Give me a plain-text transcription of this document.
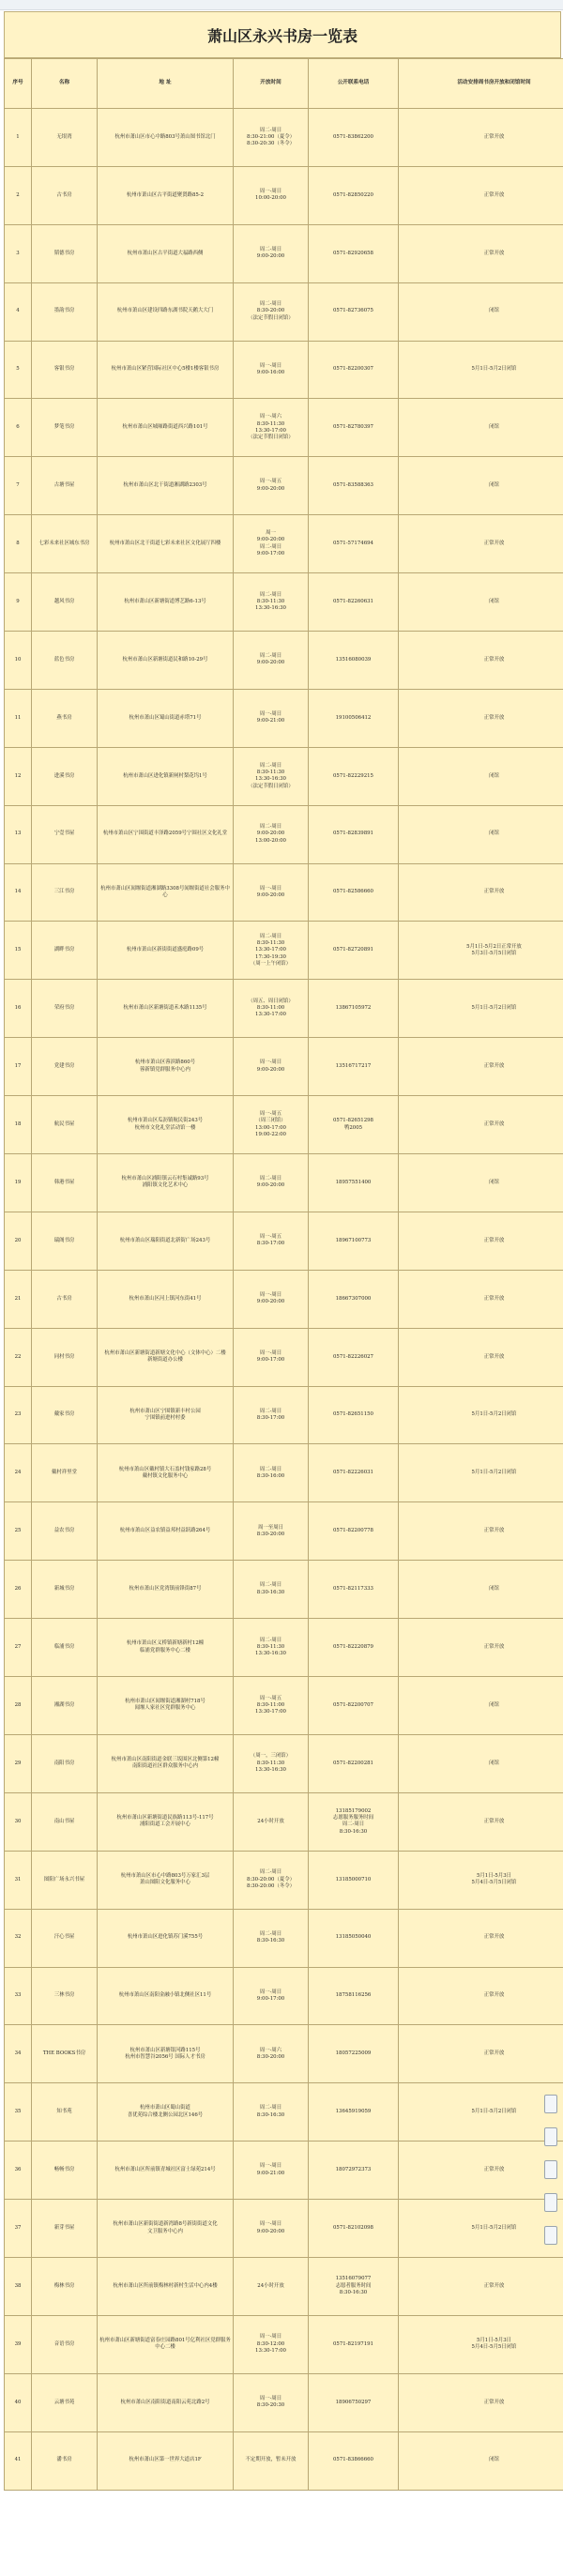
萧山区永兴书房一览表
序号	名称	地 址	开放时间	公开联系电话	活动安排周书房开放和闭馆时间
1	无垠湾	杭州市萧山区市心中路803号萧山图书馆北门	周二-周日
8:30-21:00（夏令）
8:30-20:30（冬令）	0571-83862200	正常开放
2	古书房	杭州市萧山区古平街道聚贤路85-2	周一-周日
10:00-20:00	0571-82850220	正常开放
3	韬德书房	杭州市萧山区古平街道大福路西侧	周二-周日
9:00-20:00	0571-82920658	正常开放
4	墨韵书房	杭州市萧山区建设四路东湖书院天鹅大大门	周二-周日
8:30-20:00
（法定节假日闭馆）	0571-82736075	闭馆
5	客银书房	杭州市萧山区紧营国际社区中心5楼1楼客银书房	周一-周日
9:00-16:00	0571-82200307	5月1日-5月2日闭馆
6	梦笔书房	杭州市萧山区城厢路街道西兴路101号	周一-周六
8:30-11:30
13:30-17:00
（法定节假日闭馆）	0571-82780397	闭馆
7	古塘书屋	杭州市萧山区北干街道湘湖路2303号	周一-周五
9:00-20:00	0571-83588363	闭馆
8	七彩未来社区城东书房	杭州市萧山区北干街道七彩未来社区文化展厅四楼	周一
9:00-20:00
周二-周日
9:00-17:00	0571-57174694	正常开放
9	越风书房	杭州市萧山区新塘街道博艺路6-13号	周二-周日
8:30-11:30
13:30-16:30	0571-82260631	闭馆
10	蓝色书房	杭州市萧山区新塘街道民和路10-29号	周二-周日
9:00-20:00	13516080039	正常开放
11	燕书房	杭州市萧山区蜀山街道赤塔71号	周一-周日
9:00-21:00	19100506412	正常开放
12	进溪书房	杭州市萧山区进化镇新闸村梨花坞1号	周二-周日
8:30-11:30
13:30-16:30
（法定节假日闭馆）	0571-82229215	闭馆
13	宁壹书屋	杭州市萧山区宁围街道丰泽路2059号宁围社区文化礼堂	周二-周日
9:00-20:00
13:00-20:00	0571-82839891	闭馆
14	三江书房	杭州市萧山区闻堰街道湘湖路3308号闻堰街道社会服务中心	周一-周日
9:00-20:00	0571-82586660	正常开放
15	湖畔书房	杭州市萧山区新街街道盛庭路09号	周二-周日
8:30-11:30
13:30-17:00
17:30-19:30
（周一上午闭馆）	0571-82720891	5月1日-5月2日正常开放
5月3日-5月5日闭馆
16	荣府书房	杭州市萧山区新塘街道禾木路1135号	（周五、周日闭馆）
8:30-11:00
13:30-17:00	13867105972	5月1日-5月2日闭馆
17	党建书房	杭州市萧山区蓉滨路860号
蓉新镇党群服务中心内	周一-周日
9:00-20:00	13516717217	正常开放
18	航民书屋	杭州市萧山区瓜沥镇航民街243号
杭州市文化礼堂活动馆一楼	周一-周五
（周三闭馆）
13:00-17:00
19:00-22:00	0571-82651298
鸭2005	正常开放
19	韩港书屋	杭州市萧山区浦阳镇云石村集诚路93号
浦阳镇文化艺术中心	周二-周日
9:00-20:00	18957551400	闭馆
20	瑞阁书房	杭州市萧山区瑞阳街道北新街广场243号	周一-周五
8:30-17:00	18967100773	正常开放
21	古书房	杭州市萧山区河上镇河东街41号	周一-周日
9:00-20:00	18667307000	正常开放
22	同村书房	杭州市萧山区新塘街道新塘文化中心（文体中心）二楼
新塘街道办公楼	周一-周日
9:00-17:00	0571-82226027	正常开放
23	戴家书房	杭州市萧山区宁围镇新丰村公园
宁围镇前进村村委	周二-周日
8:30-17:00	0571-82651150	5月1日-5月2日闭馆
24	戴村祥里堂	杭州市萧山区戴村镇大石盖村钱家路28号
戴村镇文化服务中心	周二-周日
8:30-16:00	0571-82226031	5月1日-5月2日闭馆
25	益农书房	杭州市萧山区益农镇益邦村益跃路264号	周一至周日
8:30-20:00	0571-82200778	正常开放
26	新城书房	杭州市萧山区党湾镇前锋街87号	周二-周日
8:30-16:30	0571-82117333	闭馆
27	临浦书房	杭州市萧山区义桥镇新塘新村12幢
临浦党群服务中心二楼	周二-周日
8:30-11:30
13:30-16:30	0571-82220879	正常开放
28	湘湖书房	杭州市萧山区闻堰街道湘湖村718号
闻堰人家社区党群服务中心	周一-周五
8:30-11:00
13:30-17:00	0571-82200707	闭馆
29	南阳书房	杭州市萧山区南阳街道金联三坂围区北侧第12幢
南阳街道社区群众服务中心内	（周一，三闭馆）
8:30-11:30
13:30-16:30	0571-82200281	闭馆
30	南山书屋	杭州市萧山区新塘街道民族路113号-117号
浦阳街道工会开展中心	24小时开放	13185179002
志愿服务服务时间
周二-周日
8:30-16:30	正常开放
31	图阳广场永兴书屋	杭州市萧山区市心中路803号万家汇3层
萧山图阳文化服务中心	周二-周日
8:30-20:00（夏令）
8:30-20:00（冬令）	13185000710	5月1日-5月3日
5月4日-5月5日闭馆
32	汗心书屋	杭州市萧山区进化镇苏门溪755号	周二-周日
8:30-16:30	13185050040	正常开放
33	三林书房	杭州市萧山区南阳金融小镇北侧社区11号	周一-周日
9:00-17:00	18758116256	正常开放
34	THE BOOKS书房	杭州市萧山区新塘银河路115号
杭州市智慧谷2056号 国际人才书房	周一-周六
8:30-20:00	18057225009	正常开放
35	知书苑	杭州市萧山区蜀山街道
喜优苑综合楼北侧公园北区146号	周二-周日
8:30-16:30	13645919059	5月1日-5月2日闭馆
36	畅畅书房	杭州市萧山区所前镇青城社区富士绿苑214号	周一-周日
9:00-21:00	18072972373	正常开放
37	新芽书屋	杭州市萧山区新街街道新湾路8号新街街道文化
文卫服务中心内	周一-周日
9:00-20:00	0571-82102098	5月1日-5月2日闭馆
38	梅林书房	杭州市萧山区所前镇梅林村新村生活中心内4楼	24小时开放	13516079077
志愿者服务时间
8:30-16:30	正常开放
39	音语书房	杭州市萧山区新塘街道富春庄园路801号亿利社区党群服务中心二楼	周一-周日
8:30-12:00
13:30-17:00	0571-82197191	5月1日-5月3日
5月4日-5月5日闭馆
40	云塘书苑	杭州市萧山区南阳街道南阳云苑北路2号	周一-周日
8:30-20:30	18906750297	正常开放
41	潘书房	杭州市萧山区第一世界大道店1F	不定期开放，暂未开放	0571-83866660	闭馆
